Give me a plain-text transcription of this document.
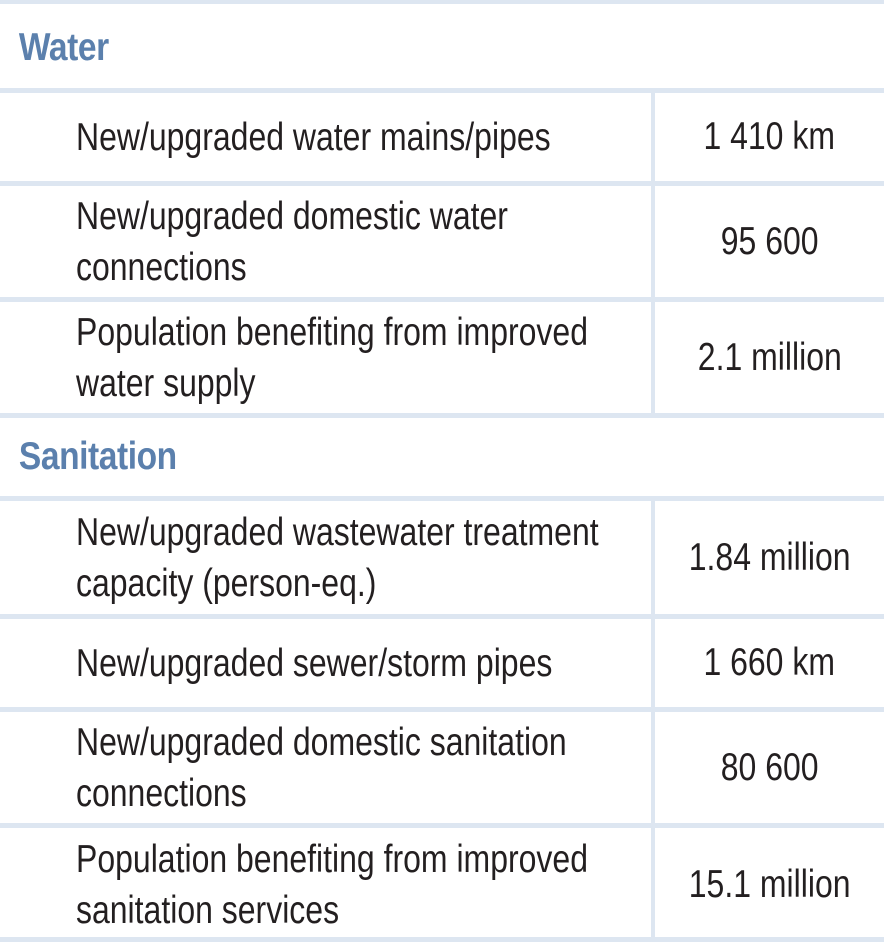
Water
New/upgraded water mains/pipes	1 410 km
New/upgraded domestic water
connections
95 600
Population benefiting from improved
water supply
2.1 million
Sanitation
New/upgraded wastewater treatment
capacity (person-eq.)
1.84 million
New/upgraded sewer/storm pipes	1 660 km
New/upgraded domestic sanitation
connections
80 600
Population benefiting from improved
sanitation services
15.1 million
